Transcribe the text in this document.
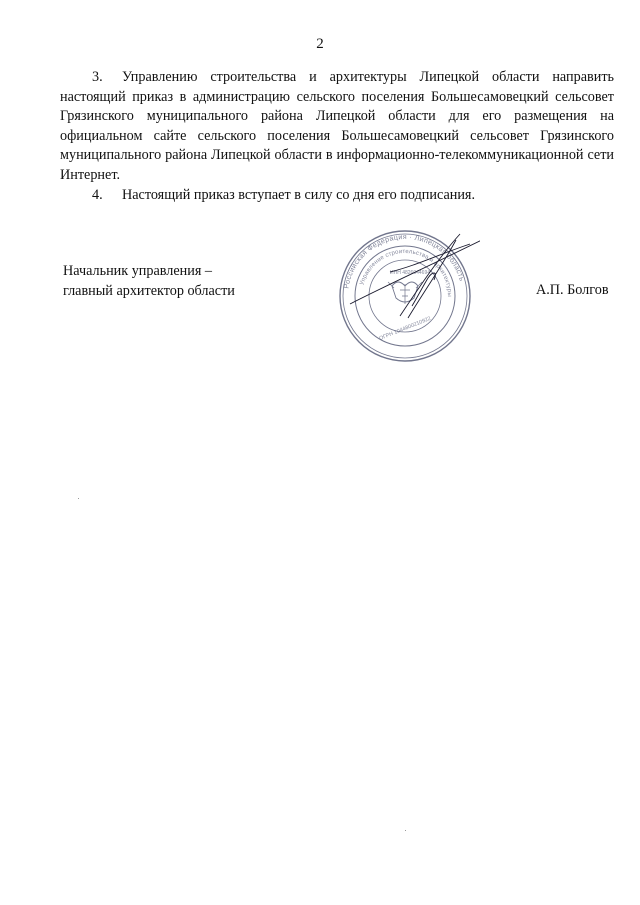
2

3. Управлению строительства и архитектуры Липецкой области направить настоящий приказ в администрацию сельского поселения Большесамовецкий сельсовет Грязинского муниципального района Липецкой области для его размещения на официальном сайте сельского поселения Большесамовецкий сельсовет Грязинского муниципального района Липецкой области в информационно-телекоммуникационной сети Интернет.

4. Настоящий приказ вступает в силу со дня его подписания.

Начальник управления –
главный архитектор области	А.П. Болгов
Российская Федерация · Липецкая область
Управление строительства и архитектуры
ОГРН 1044800210922
ИНН 4826044694
